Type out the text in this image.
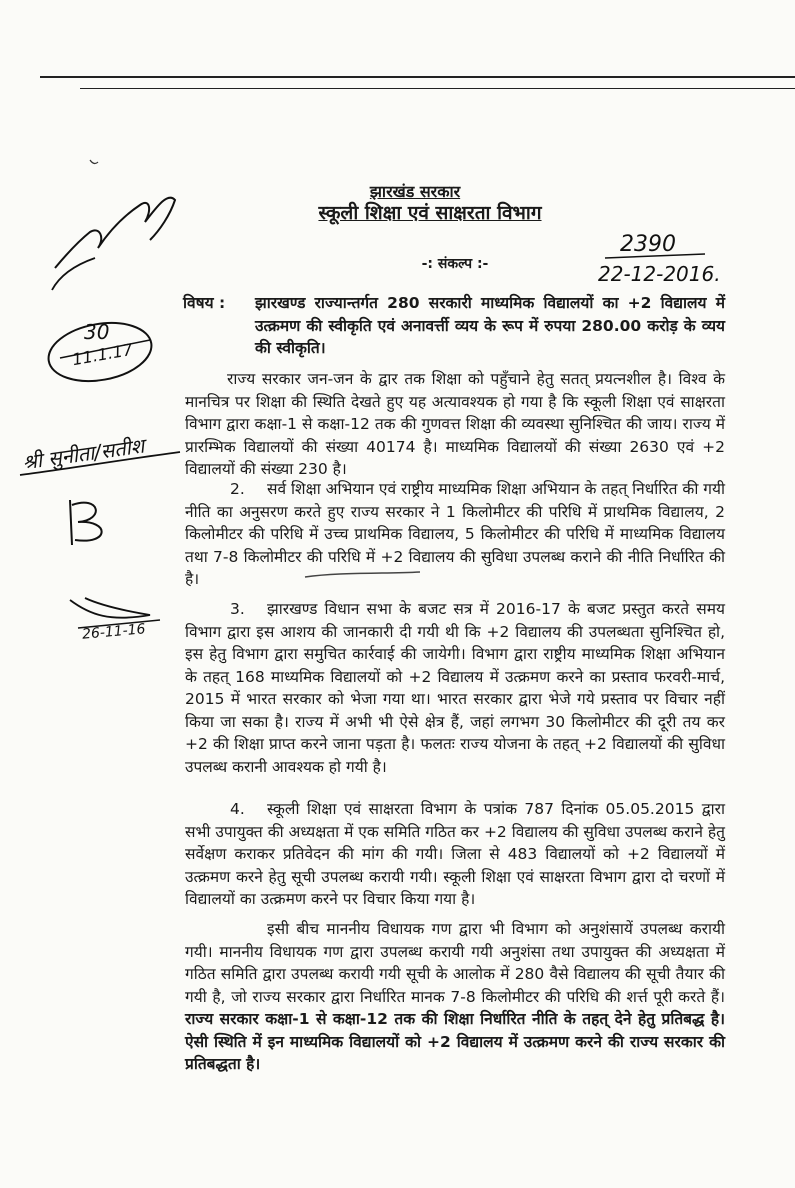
झारखंड सरकार
स्कूली शिक्षा एवं साक्षरता विभाग
-: संकल्प :-
2390
22-12-2016.
30
11.1.17
श्री सुनीता/सतीश
26-11-16
विषय :	झारखण्ड राज्यान्तर्गत 280 सरकारी माध्यमिक विद्यालयों का +2 विद्यालय में उत्क्रमण की स्वीकृति एवं अनावर्त्ती व्यय के रूप में रुपया 280.00 करोड़ के व्यय की स्वीकृति।
राज्य सरकार जन-जन के द्वार तक शिक्षा को पहुँचाने हेतु सतत् प्रयत्नशील है। विश्व के मानचित्र पर शिक्षा की स्थिति देखते हुए यह अत्यावश्यक हो गया है कि स्कूली शिक्षा एवं साक्षरता विभाग द्वारा कक्षा-1 से कक्षा-12 तक की गुणवत्त शिक्षा की व्यवस्था सुनिश्चित की जाय। राज्य में प्रारम्भिक विद्यालयों की संख्या 40174 है। माध्यमिक विद्यालयों की संख्या 2630 एवं +2 विद्यालयों की संख्या 230 है।
2.	सर्व शिक्षा अभियान एवं राष्ट्रीय माध्यमिक शिक्षा अभियान के तहत् निर्धारित की गयी नीति का अनुसरण करते हुए राज्य सरकार ने 1 किलोमीटर की परिधि में प्राथमिक विद्यालय, 2 किलोमीटर की परिधि में उच्च प्राथमिक विद्यालय, 5 किलोमीटर की परिधि में माध्यमिक विद्यालय तथा 7-8 किलोमीटर की परिधि में +2 विद्यालय की सुविधा उपलब्ध कराने की नीति निर्धारित की है।
3.	झारखण्ड विधान सभा के बजट सत्र में 2016-17 के बजट प्रस्तुत करते समय विभाग द्वारा इस आशय की जानकारी दी गयी थी कि +2 विद्यालय की उपलब्धता सुनिश्चित हो, इस हेतु विभाग द्वारा समुचित कार्रवाई की जायेगी। विभाग द्वारा राष्ट्रीय माध्यमिक शिक्षा अभियान के तहत् 168 माध्यमिक विद्यालयों को +2 विद्यालय में उत्क्रमण करने का प्रस्ताव फरवरी-मार्च, 2015 में भारत सरकार को भेजा गया था। भारत सरकार द्वारा भेजे गये प्रस्ताव पर विचार नहीं किया जा सका है। राज्य में अभी भी ऐसे क्षेत्र हैं, जहां लगभग 30 किलोमीटर की दूरी तय कर +2 की शिक्षा प्राप्त करने जाना पड़ता है। फलतः राज्य योजना के तहत् +2 विद्यालयों की सुविधा उपलब्ध करानी आवश्यक हो गयी है।
4.	स्कूली शिक्षा एवं साक्षरता विभाग के पत्रांक 787 दिनांक 05.05.2015 द्वारा सभी उपायुक्त की अध्यक्षता में एक समिति गठित कर +2 विद्यालय की सुविधा उपलब्ध कराने हेतु सर्वेक्षण कराकर प्रतिवेदन की मांग की गयी। जिला से 483 विद्यालयों को +2 विद्यालयों में उत्क्रमण करने हेतु सूची उपलब्ध करायी गयी। स्कूली शिक्षा एवं साक्षरता विभाग द्वारा दो चरणों में विद्यालयों का उत्क्रमण करने पर विचार किया गया है।
इसी बीच माननीय विधायक गण द्वारा भी विभाग को अनुशंसायें उपलब्ध करायी गयी। माननीय विधायक गण द्वारा उपलब्ध करायी गयी अनुशंसा तथा उपायुक्त की अध्यक्षता में गठित समिति द्वारा उपलब्ध करायी गयी सूची के आलोक में 280 वैसे विद्यालय की सूची तैयार की गयी है, जो राज्य सरकार द्वारा निर्धारित मानक 7-8 किलोमीटर की परिधि की शर्त्त पूरी करते हैं। राज्य सरकार कक्षा-1 से कक्षा-12 तक की शिक्षा निर्धारित नीति के तहत् देने हेतु प्रतिबद्ध है। ऐसी स्थिति में इन माध्यमिक विद्यालयों को +2 विद्यालय में उत्क्रमण करने की राज्य सरकार की प्रतिबद्धता है।
